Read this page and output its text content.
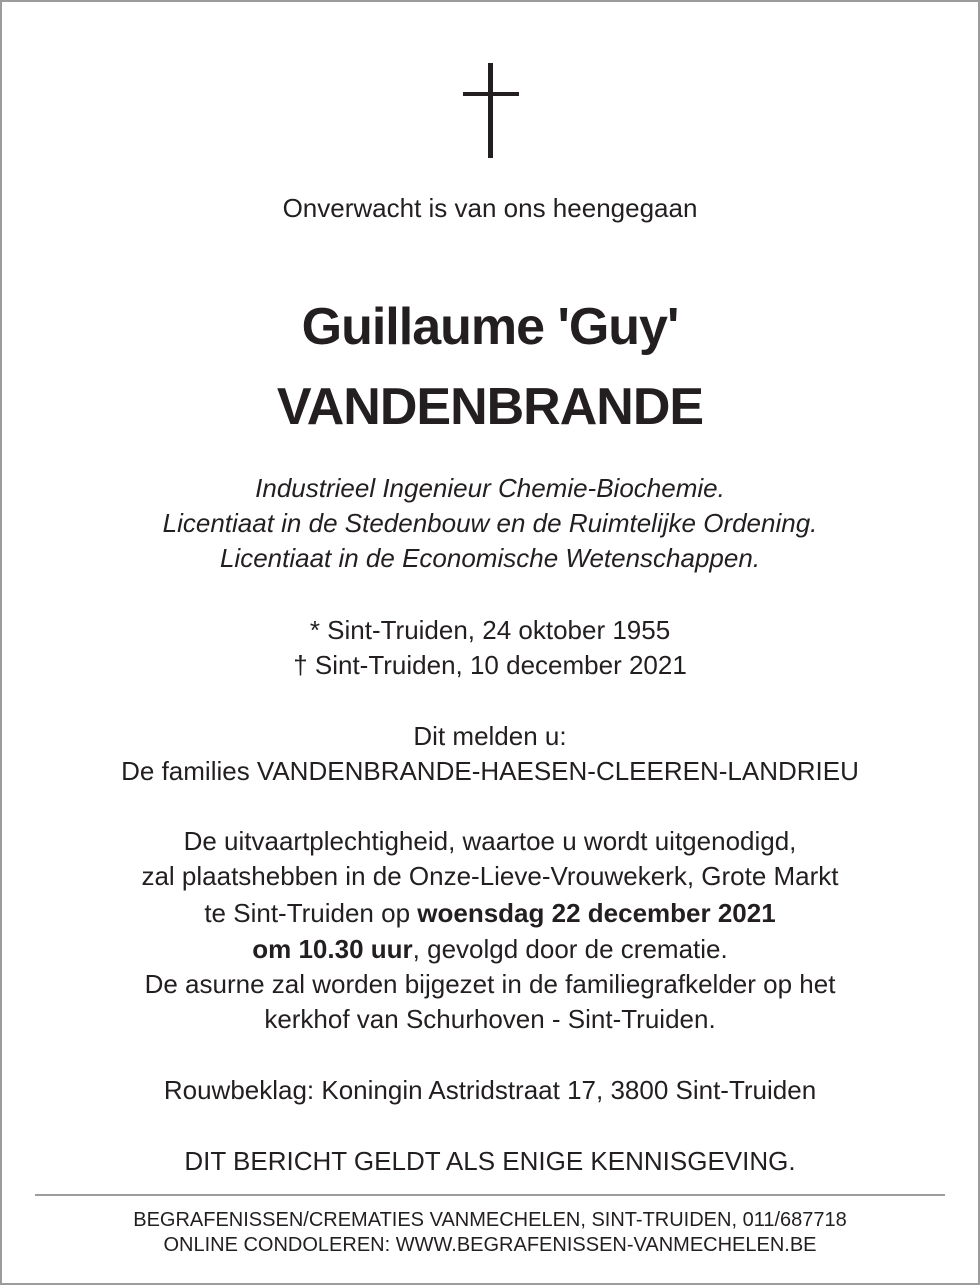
Onverwacht is van ons heengegaan
Guillaume 'Guy'
VANDENBRANDE
Industrieel Ingenieur Chemie-Biochemie.
Licentiaat in de Stedenbouw en de Ruimtelijke Ordening.
Licentiaat in de Economische Wetenschappen.
* Sint-Truiden, 24 oktober 1955
† Sint-Truiden, 10 december 2021
Dit melden u:
De families VANDENBRANDE-HAESEN-CLEEREN-LANDRIEU
De uitvaartplechtigheid, waartoe u wordt uitgenodigd,
zal plaatshebben in de Onze-Lieve-Vrouwekerk, Grote Markt
te Sint-Truiden op woensdag 22 december 2021
om 10.30 uur, gevolgd door de crematie.
De asurne zal worden bijgezet in de familiegrafkelder op het
kerkhof van Schurhoven - Sint-Truiden.
Rouwbeklag: Koningin Astridstraat 17, 3800 Sint-Truiden
DIT BERICHT GELDT ALS ENIGE KENNISGEVING.
BEGRAFENISSEN/CREMATIES VANMECHELEN, SINT-TRUIDEN, 011/687718
ONLINE CONDOLEREN: WWW.BEGRAFENISSEN-VANMECHELEN.BE
